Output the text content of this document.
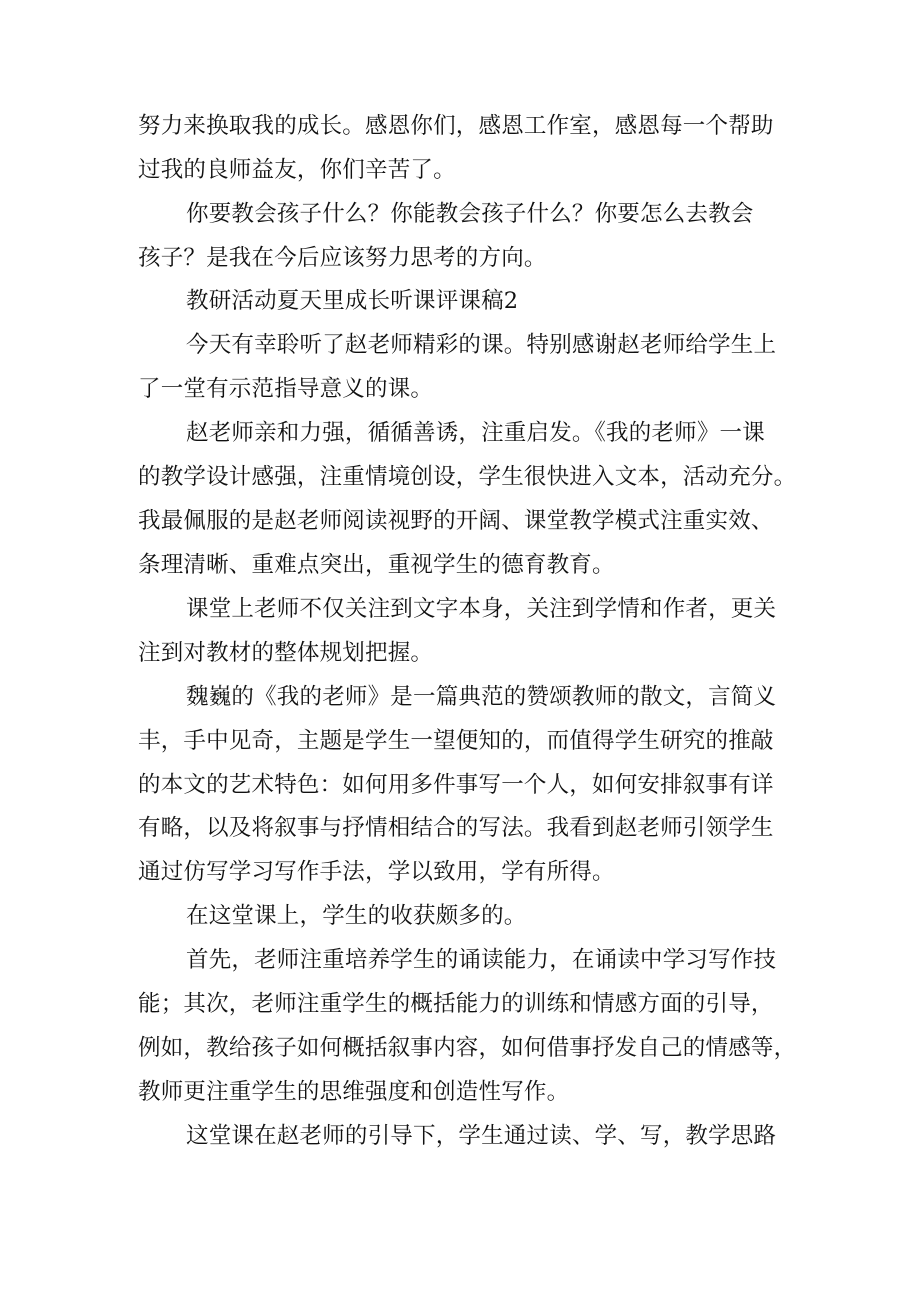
努力来换取我的成长。感恩你们，感恩工作室，感恩每一个帮助
过我的良师益友，你们辛苦了。
你要教会孩子什么？你能教会孩子什么？你要怎么去教会
孩子？是我在今后应该努力思考的方向。
教研活动夏天里成长听课评课稿2
今天有幸聆听了赵老师精彩的课。特别感谢赵老师给学生上
了一堂有示范指导意义的课。
赵老师亲和力强，循循善诱，注重启发。《我的老师》一课
的教学设计感强，注重情境创设，学生很快进入文本，活动充分。
我最佩服的是赵老师阅读视野的开阔、课堂教学模式注重实效、
条理清晰、重难点突出，重视学生的德育教育。
课堂上老师不仅关注到文字本身，关注到学情和作者，更关
注到对教材的整体规划把握。
魏巍的《我的老师》是一篇典范的赞颂教师的散文，言简义
丰，手中见奇，主题是学生一望便知的，而值得学生研究的推敲
的本文的艺术特色：如何用多件事写一个人，如何安排叙事有详
有略，以及将叙事与抒情相结合的写法。我看到赵老师引领学生
通过仿写学习写作手法，学以致用，学有所得。
在这堂课上，学生的收获颇多的。
首先，老师注重培养学生的诵读能力，在诵读中学习写作技
能；其次，老师注重学生的概括能力的训练和情感方面的引导，
例如，教给孩子如何概括叙事内容，如何借事抒发自己的情感等，
教师更注重学生的思维强度和创造性写作。
这堂课在赵老师的引导下，学生通过读、学、写，教学思路
